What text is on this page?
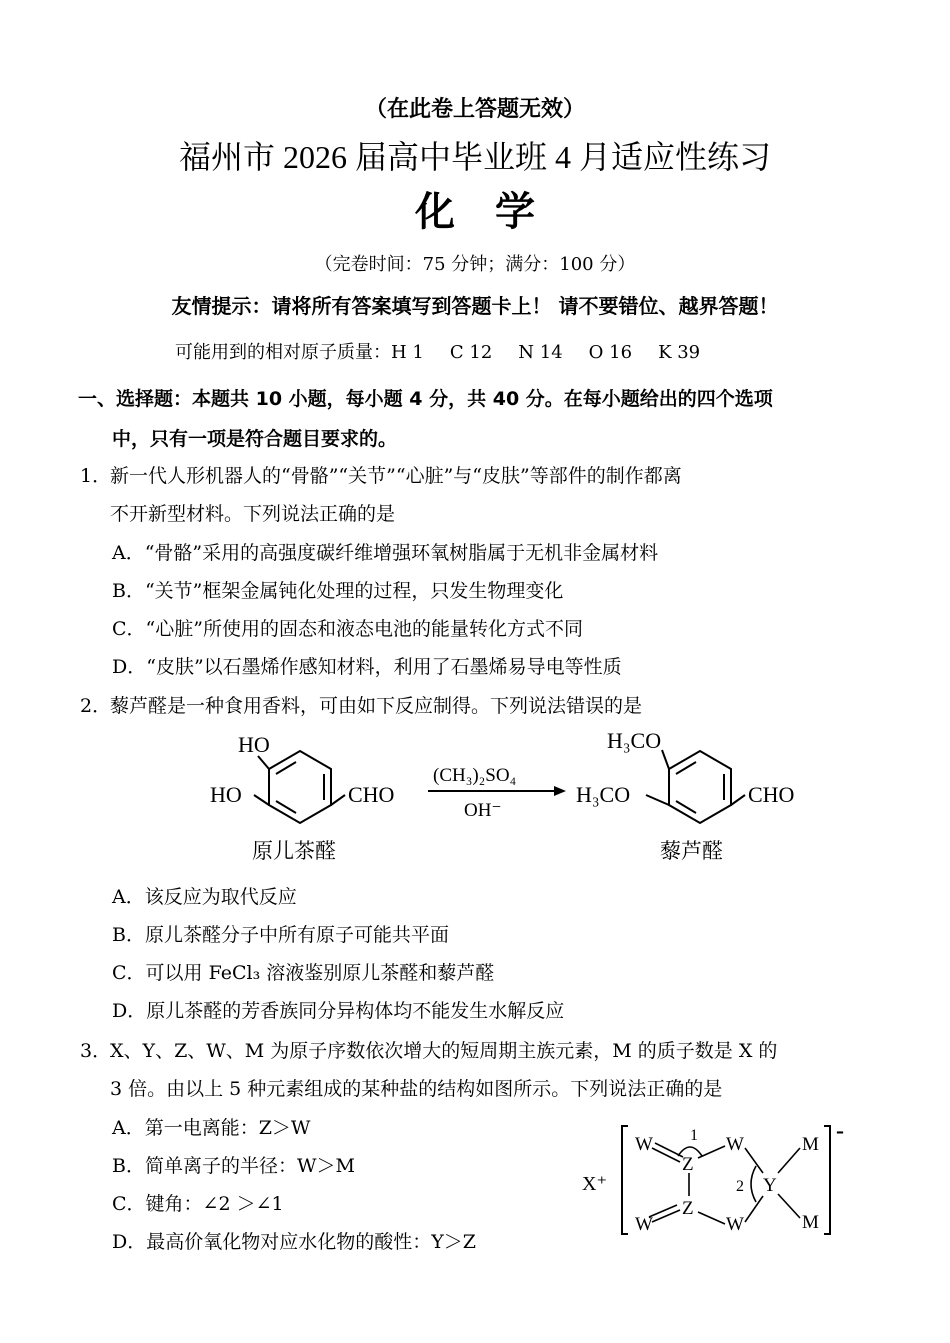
（在此卷上答题无效）
福州市 2026 届高中毕业班 4 月适应性练习
化学
（完卷时间：75 分钟；满分：100 分）
友情提示：请将所有答案填写到答题卡上！ 请不要错位、越界答题！
可能用到的相对原子质量：H 1 C 12 N 14 O 16 K 39
一、选择题：本题共 10 小题，每小题 4 分，共 40 分。在每小题给出的四个选项
中，只有一项是符合题目要求的。
1．
新一代人形机器人的“骨骼”“关节”“心脏”与“皮肤”等部件的制作都离
不开新型材料。下列说法正确的是
A．“骨骼”采用的高强度碳纤维增强环氧树脂属于无机非金属材料
B．“关节”框架金属钝化处理的过程，只发生物理变化
C．“心脏”所使用的固态和液态电池的能量转化方式不同
D．“皮肤”以石墨烯作感知材料，利用了石墨烯易导电等性质
2．
藜芦醛是一种食用香料，可由如下反应制得。下列说法错误的是
HO
HO	CHO
原儿茶醛
(CH₃)₂SO₄
OH⁻
H₃CO
H₃CO	CHO
藜芦醛
A．该反应为取代反应
B．原儿茶醛分子中所有原子可能共平面
C．可以用 FeCl₃ 溶液鉴别原儿茶醛和藜芦醛
D．原儿茶醛的芳香族同分异构体均不能发生水解反应
3．
X、Y、Z、W、M 为原子序数依次增大的短周期主族元素，M 的质子数是 X 的
3 倍。由以上 5 种元素组成的某种盐的结构如图所示。下列说法正确的是
A．第一电离能：Z＞W
B．简单离子的半径：W＞M
C．键角：∠2 ＞∠1
D．最高价氧化物对应水化物的酸性：Y＞Z
X⁺
-
W
Z
W
W
Z
W
Y
M
M
1
2
